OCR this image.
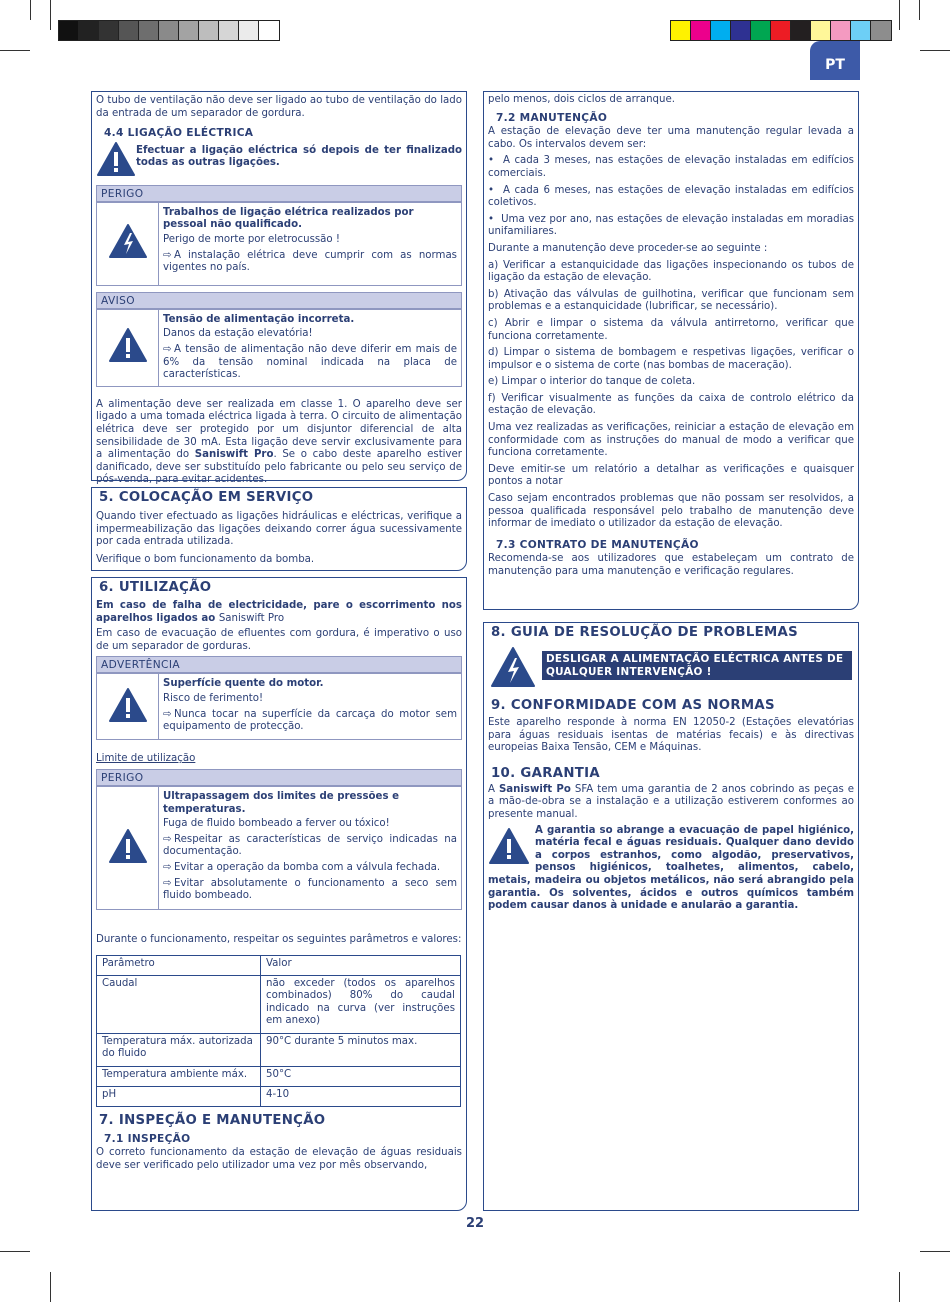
PT

O tubo de ventilação não deve ser ligado ao tubo de ventilação do lado da entrada de um separador de gordura.

4.4 LIGAÇÃO ELÉCTRICA

Efectuar a ligação eléctrica só depois de ter finalizado todas as outras ligações.

PERIGO

Trabalhos de ligação elétrica realizados por pessoal não qualificado.

Perigo de morte por eletrocussão !

⇨ A instalação elétrica deve cumprir com as normas vigentes no país.

AVISO

Tensão de alimentação incorreta.

Danos da estação elevatória!

⇨ A tensão de alimentação não deve diferir em mais de 6% da tensão nominal indicada na placa de características.

A alimentação deve ser realizada em classe 1. O aparelho deve ser ligado a uma tomada eléctrica ligada à terra. O circuito de alimentação elétrica deve ser protegido por um disjuntor diferencial de alta sensibilidade de 30 mA. Esta ligação deve servir exclusivamente para a alimentação do Saniswift Pro. Se o cabo deste aparelho estiver danificado, deve ser substituído pelo fabricante ou pelo seu serviço de pós-venda, para evitar acidentes.

5. COLOCAÇÃO EM SERVIÇO

Quando tiver efectuado as ligações hidráulicas e eléctricas, verifique a impermeabilização das ligações deixando correr água sucessivamente por cada entrada utilizada.

Verifique o bom funcionamento da bomba.

6. UTILIZAÇÃO

Em caso de falha de electricidade, pare o escorrimento nos aparelhos ligados ao Saniswift Pro

Em caso de evacuação de efluentes com gordura, é imperativo o uso de um separador de gorduras.

ADVERTÊNCIA

Superfície quente do motor.

Risco de ferimento!

⇨ Nunca tocar na superfície da carcaça do motor sem equipamento de protecção.

Limite de utilização

PERIGO

Ultrapassagem dos limites de pressões e temperaturas.

Fuga de fluido bombeado a ferver ou tóxico!

⇨ Respeitar as características de serviço indicadas na documentação.

⇨ Evitar a operação da bomba com a válvula fechada.

⇨ Evitar absolutamente o funcionamento a seco sem fluido bombeado.

Durante o funcionamento, respeitar os seguintes parâmetros e valores:

Parâmetro	Valor
Caudal	não exceder (todos os aparelhos combinados) 80% do caudal indicado na curva (ver instruções em anexo)
Temperatura máx. autorizada do fluido	90°C durante 5 minutos max.
Temperatura ambiente máx.	50°C
pH	4-10
7. INSPEÇÃO E MANUTENÇÃO
7.1 INSPEÇÃO

O correto funcionamento da estação de elevação de águas residuais deve ser verificado pelo utilizador uma vez por mês observando,

pelo menos, dois ciclos de arranque.

7.2 MANUTENÇÃO

A estação de elevação deve ter uma manutenção regular levada a cabo. Os intervalos devem ser:

•  A cada 3 meses, nas estações de elevação instaladas em edifícios comerciais.

•  A cada 6 meses, nas estações de elevação instaladas em edifícios coletivos.

•  Uma vez por ano, nas estações de elevação instaladas em moradias unifamiliares.

Durante a manutenção deve proceder-se ao seguinte :

a) Verificar a estanquicidade das ligações inspecionando os tubos de ligação da estação de elevação.

b) Ativação das válvulas de guilhotina, verificar que funcionam sem problemas e a estanquicidade (lubrificar, se necessário).

c) Abrir e limpar o sistema da válvula antirretorno, verificar que funciona corretamente.

d) Limpar o sistema de bombagem e respetivas ligações, verificar o impulsor e o sistema de corte (nas bombas de maceração).

e) Limpar o interior do tanque de coleta.

f) Verificar visualmente as funções da caixa de controlo elétrico da estação de elevação.

Uma vez realizadas as verificações, reiniciar a estação de elevação em conformidade com as instruções do manual de modo a verificar que funciona corretamente.

Deve emitir-se um relatório a detalhar as verificações e quaisquer pontos a notar

Caso sejam encontrados problemas que não possam ser resolvidos, a pessoa qualificada responsável pelo trabalho de manutenção deve informar de imediato o utilizador da estação de elevação.

7.3 CONTRATO DE MANUTENÇÃO

Recomenda-se aos utilizadores que estabeleçam um contrato de manutenção para uma manutenção e verificação regulares.

8. GUIA DE RESOLUÇÃO DE PROBLEMAS
DESLIGAR A ALIMENTAÇÃO ELÉCTRICA ANTES DE QUALQUER INTERVENÇÃO !
9. CONFORMIDADE COM AS NORMAS

Este aparelho responde à norma EN 12050-2 (Estações elevatórias para águas residuais isentas de matérias fecais) e às directivas europeias Baixa Tensão, CEM e Máquinas.

10. GARANTIA

A Saniswift Po SFA tem uma garantia de 2 anos cobrindo as peças e a mão-de-obra se a instalação e a utilização estiverem conformes ao presente manual.

A garantia so abrange a evacuação de papel higiénico, matéria fecal e águas residuais. Qualquer dano devido a corpos estranhos, como algodão, preservativos, pensos higiénicos, toalhetes, alimentos, cabelo, metais, madeira ou objetos metálicos, não será abrangido pela garantia. Os solventes, ácidos e outros químicos também podem causar danos à unidade e anularão a garantia.

22
